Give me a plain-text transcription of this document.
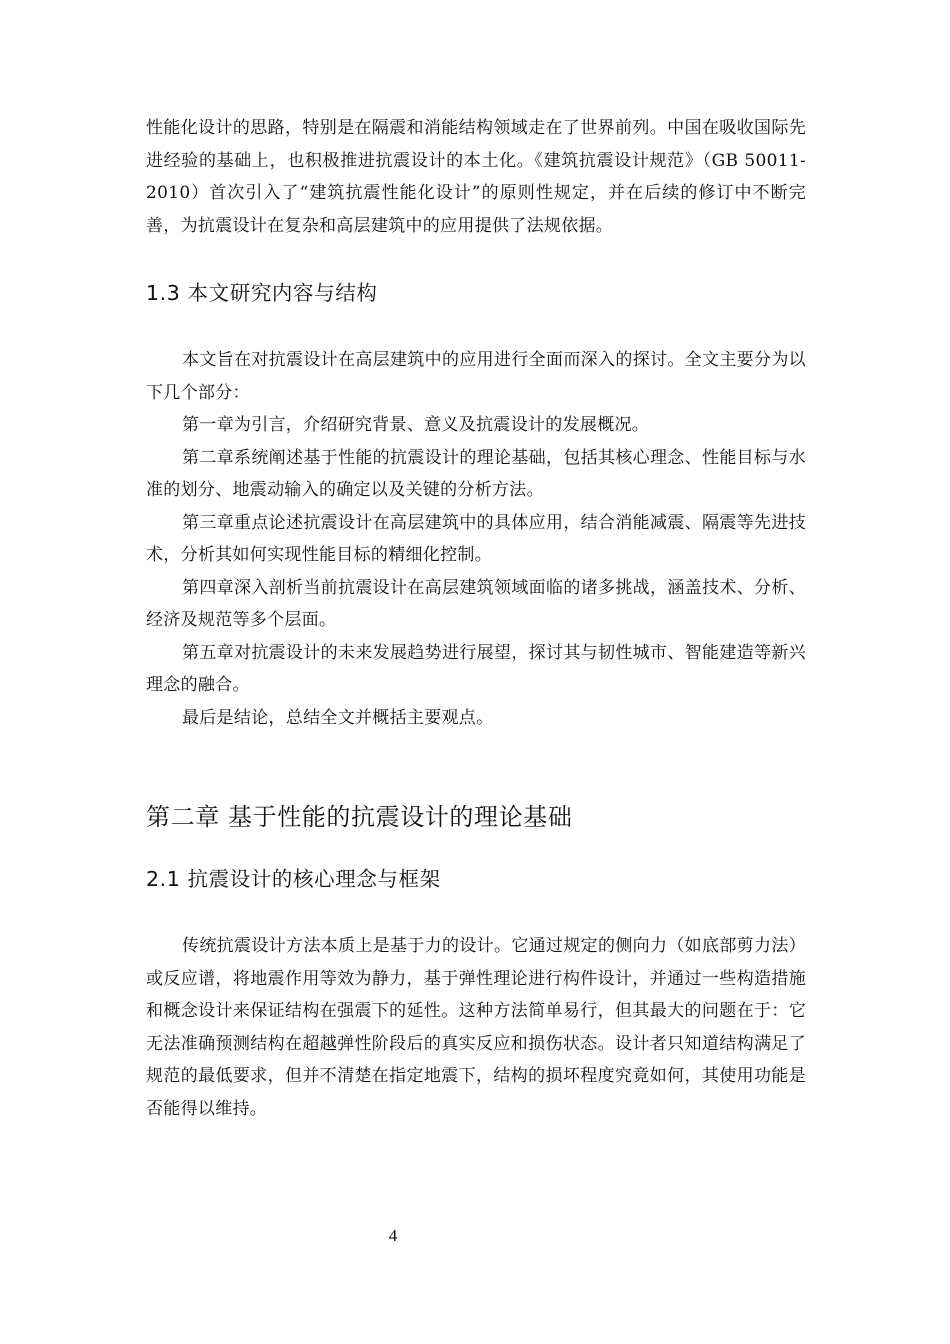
性能化设计的思路，特别是在隔震和消能结构领域走在了世界前列。中国在吸收国际先进经验的基础上，也积极推进抗震设计的本土化。《建筑抗震设计规范》（GB 50011-2010）首次引入了“建筑抗震性能化设计”的原则性规定，并在后续的修订中不断完善，为抗震设计在复杂和高层建筑中的应用提供了法规依据。

1.3 本文研究内容与结构

本文旨在对抗震设计在高层建筑中的应用进行全面而深入的探讨。全文主要分为以下几个部分：

第一章为引言，介绍研究背景、意义及抗震设计的发展概况。

第二章系统阐述基于性能的抗震设计的理论基础，包括其核心理念、性能目标与水准的划分、地震动输入的确定以及关键的分析方法。

第三章重点论述抗震设计在高层建筑中的具体应用，结合消能减震、隔震等先进技术，分析其如何实现性能目标的精细化控制。

第四章深入剖析当前抗震设计在高层建筑领域面临的诸多挑战，涵盖技术、分析、经济及规范等多个层面。

第五章对抗震设计的未来发展趋势进行展望，探讨其与韧性城市、智能建造等新兴理念的融合。

最后是结论，总结全文并概括主要观点。

第二章 基于性能的抗震设计的理论基础
2.1 抗震设计的核心理念与框架

传统抗震设计方法本质上是基于力的设计。它通过规定的侧向力（如底部剪力法）或反应谱，将地震作用等效为静力，基于弹性理论进行构件设计，并通过一些构造措施和概念设计来保证结构在强震下的延性。这种方法简单易行，但其最大的问题在于：它无法准确预测结构在超越弹性阶段后的真实反应和损伤状态。设计者只知道结构满足了规范的最低要求，但并不清楚在指定地震下，结构的损坏程度究竟如何，其使用功能是否能得以维持。

4
